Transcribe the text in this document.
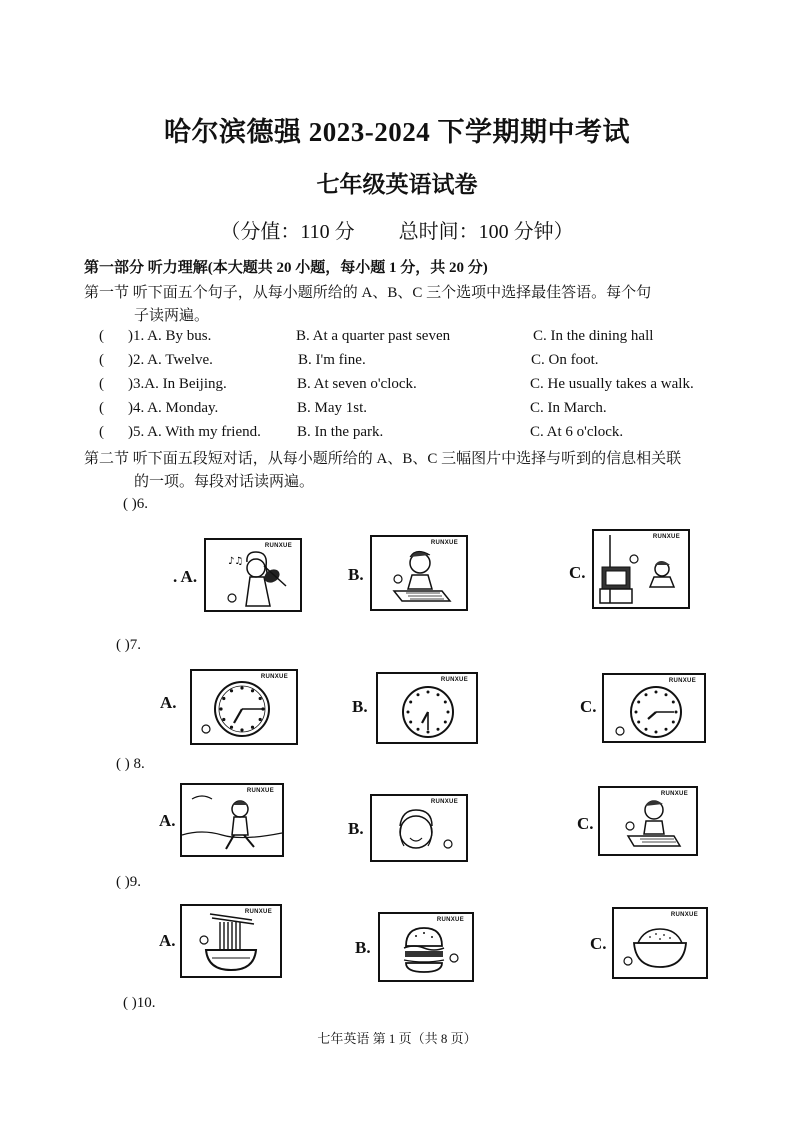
哈尔滨德强 2023-2024 下学期期中考试
七年级英语试卷
（分值：110 分 总时间：100 分钟）
第一部分 听力理解(本大题共 20 小题，每小题 1 分，共 20 分)
第一节 听下面五个句子，从每小题所给的 A、B、C 三个选项中选择最佳答语。每个句
子读两遍。
( )1. A. By bus.	B. At a quarter past seven	C. In the dining hall
( )2. A. Twelve.	B. I'm fine.	C. On foot.
( )3.A. In Beijing.	B. At seven o'clock.	C. He usually takes a walk.
( )4. A. Monday.	B. May 1st.	C. In March.
( )5. A. With my friend. B. In the park.	C. At 6 o'clock.
第二节 听下面五段短对话，从每小题所给的 A、B、C 三幅图片中选择与听到的信息相关联
的一项。每段对话读两遍。
( )6.
. A.
RUNXUE
♪♫
B.
RUNXUE
C.
RUNXUE
( )7.
A.
RUNXUE
B.
RUNXUE
C.
RUNXUE
( ) 8.
A.
RUNXUE
B.
RUNXUE
C.
RUNXUE
( )9.
A.
RUNXUE
B.
RUNXUE
C.
RUNXUE
( )10.
七年英语 第 1 页（共 8 页）
